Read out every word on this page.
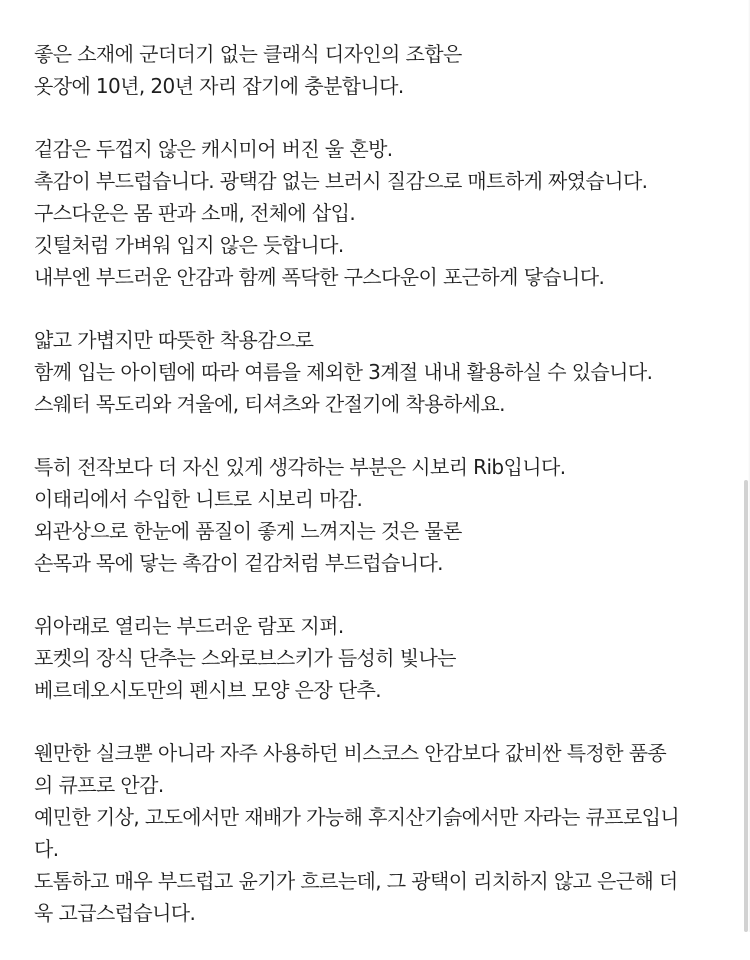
좋은 소재에 군더더기 없는 클래식 디자인의 조합은
옷장에 10년, 20년 자리 잡기에 충분합니다.
겉감은 두껍지 않은 캐시미어 버진 울 혼방.
촉감이 부드럽습니다. 광택감 없는 브러시 질감으로 매트하게 짜였습니다.
구스다운은 몸 판과 소매, 전체에 삽입.
깃털처럼 가벼워 입지 않은 듯합니다.
내부엔 부드러운 안감과 함께 폭닥한 구스다운이 포근하게 닿습니다.
얇고 가볍지만 따뜻한 착용감으로
함께 입는 아이템에 따라 여름을 제외한 3계절 내내 활용하실 수 있습니다.
스웨터 목도리와 겨울에, 티셔츠와 간절기에 착용하세요.
특히 전작보다 더 자신 있게 생각하는 부분은 시보리 Rib입니다.
이태리에서 수입한 니트로 시보리 마감.
외관상으로 한눈에 품질이 좋게 느껴지는 것은 물론
손목과 목에 닿는 촉감이 겉감처럼 부드럽습니다.
위아래로 열리는 부드러운 람포 지퍼.
포켓의 장식 단추는 스와로브스키가 듬성히 빛나는
베르데오시도만의 펜시브 모양 은장 단추.
웬만한 실크뿐 아니라 자주 사용하던 비스코스 안감보다 값비싼 특정한 품종
의 큐프로 안감.
예민한 기상, 고도에서만 재배가 가능해 후지산기슭에서만 자라는 큐프로입니
다.
도톰하고 매우 부드럽고 윤기가 흐르는데, 그 광택이 리치하지 않고 은근해 더
욱 고급스럽습니다.
